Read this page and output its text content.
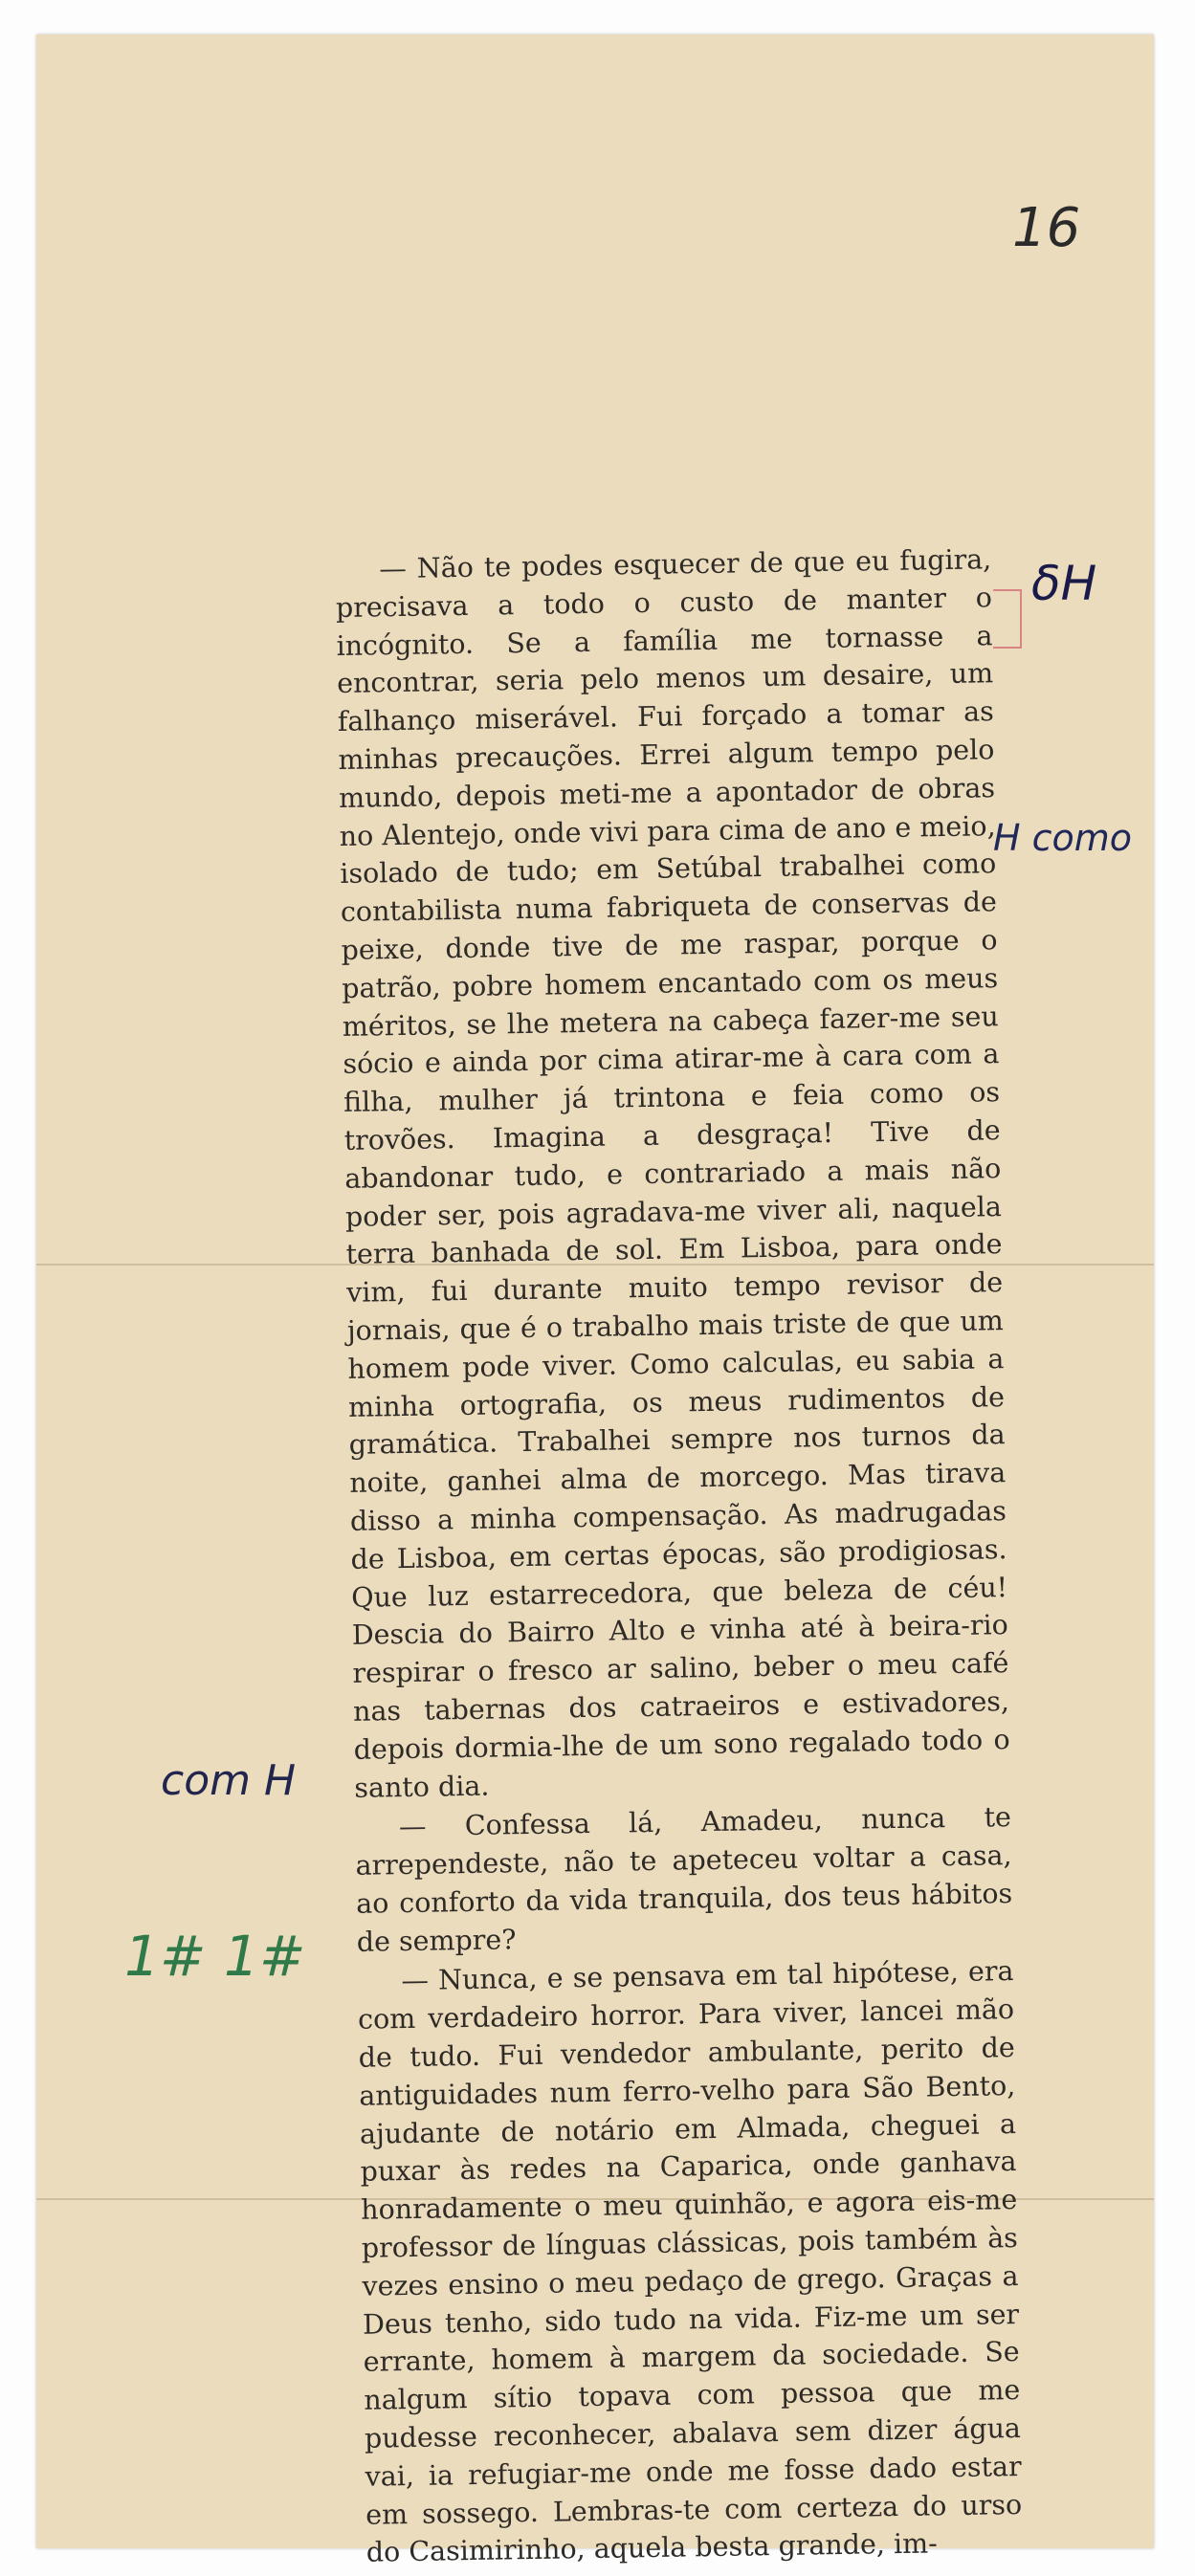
16

— Não te podes esquecer de que eu fugira, precisava a todo o custo de manter o incógnito. Se a família me tornasse a encontrar, seria pelo menos um desaire, um falhanço miserável. Fui forçado a tomar as minhas precauções. Errei algum tempo pelo mundo, depois meti-me a apontador de obras no Alentejo, onde vivi para cima de ano e meio, isolado de tudo; em Setúbal trabalhei como contabilista numa fabriqueta de conservas de peixe, donde tive de me raspar, porque o patrão, pobre homem encantado com os meus méritos, se lhe metera na cabeça fazer-me seu sócio e ainda por cima atirar-me à cara com a filha, mulher já trintona e feia como os trovões. Imagina a desgraça! Tive de abandonar tudo, e contrariado a mais não poder ser, pois agradava-me viver ali, naquela terra banhada de sol. Em Lisboa, para onde vim, fui durante muito tempo revisor de jornais, que é o trabalho mais triste de que um homem pode viver. Como calculas, eu sabia a minha ortografia, os meus rudimentos de gramática. Trabalhei sempre nos turnos da noite, ganhei alma de morcego. Mas tirava disso a minha compensação. As madrugadas de Lisboa, em certas épocas, são prodigiosas. Que luz estarrecedora, que beleza de céu! Descia do Bairro Alto e vinha até à beira-rio respirar o fresco ar salino, beber o meu café nas tabernas dos catraeiros e estivadores, depois dormia-lhe de um sono regalado todo o santo dia.

— Confessa lá, Amadeu, nunca te arrependeste, não te apeteceu voltar a casa, ao conforto da vida tranquila, dos teus hábitos de sempre?

— Nunca, e se pensava em tal hipótese, era com verdadeiro horror. Para viver, lancei mão de tudo. Fui vendedor ambulante, perito de antiguidades num ferro-velho para São Bento, ajudante de notário em Almada, cheguei a puxar às redes na Caparica, onde ganhava honradamente o meu quinhão, e agora eis-me professor de línguas clássicas, pois também às vezes ensino o meu pedaço de grego. Graças a Deus tenho, sido tudo na vida. Fiz-me um ser errante, homem à margem da sociedade. Se nalgum sítio topava com pessoa que me pudesse reconhecer, abalava sem dizer água vai, ia refugiar-me onde me fosse dado estar em sossego. Lembras-te com certeza do urso do Casimirinho, aquela besta grande, im-

δH
H como
com H
1# 1#
